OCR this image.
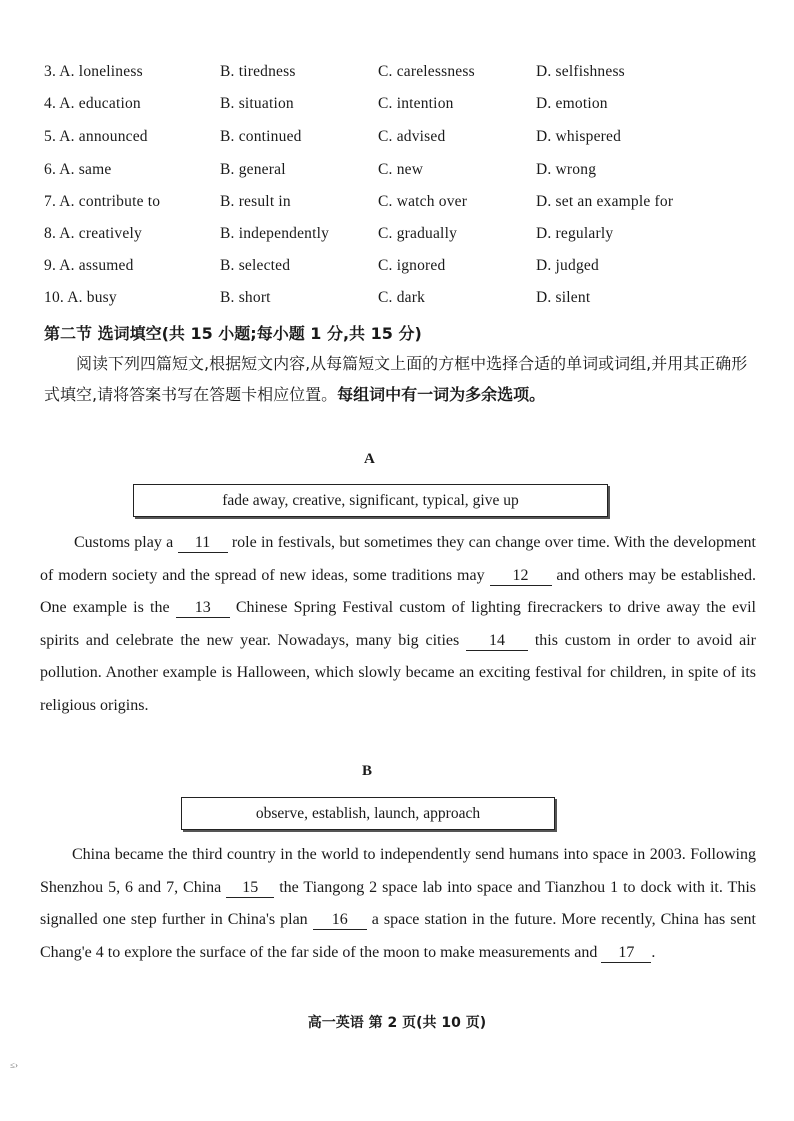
3. A. loneliness	B. tiredness	C. carelessness	D. selfishness
4. A. education	B. situation	C. intention	D. emotion
5. A. announced	B. continued	C. advised	D. whispered
6. A. same	B. general	C. new	D. wrong
7. A. contribute to	B. result in	C. watch over	D. set an example for
8. A. creatively	B. independently	C. gradually	D. regularly
9. A. assumed	B. selected	C. ignored	D. judged
10. A. busy	B. short	C. dark	D. silent
第二节 选词填空(共 15 小题;每小题 1 分,共 15 分)
阅读下列四篇短文,根据短文内容,从每篇短文上面的方框中选择合适的单词或词组,并用其正确形式填空,请将答案书写在答题卡相应位置。每组词中有一词为多余选项。
A
fade away, creative, significant, typical, give up
Customs play a 11 role in festivals, but sometimes they can change over time. With the development of modern society and the spread of new ideas, some traditions may 12 and others may be established. One example is the 13 Chinese Spring Festival custom of lighting firecrackers to drive away the evil spirits and celebrate the new year. Nowadays, many big cities 14 this custom in order to avoid air pollution. Another example is Halloween, which slowly became an exciting festival for children, in spite of its religious origins.
B
observe, establish, launch, approach
China became the third country in the world to independently send humans into space in 2003. Following Shenzhou 5, 6 and 7, China 15 the Tiangong 2 space lab into space and Tianzhou 1 to dock with it. This signalled one step further in China's plan 16 a space station in the future. More recently, China has sent Chang'e 4 to explore the surface of the far side of the moon to make measurements and 17 .
高一英语 第 2 页(共 10 页)
≤›
